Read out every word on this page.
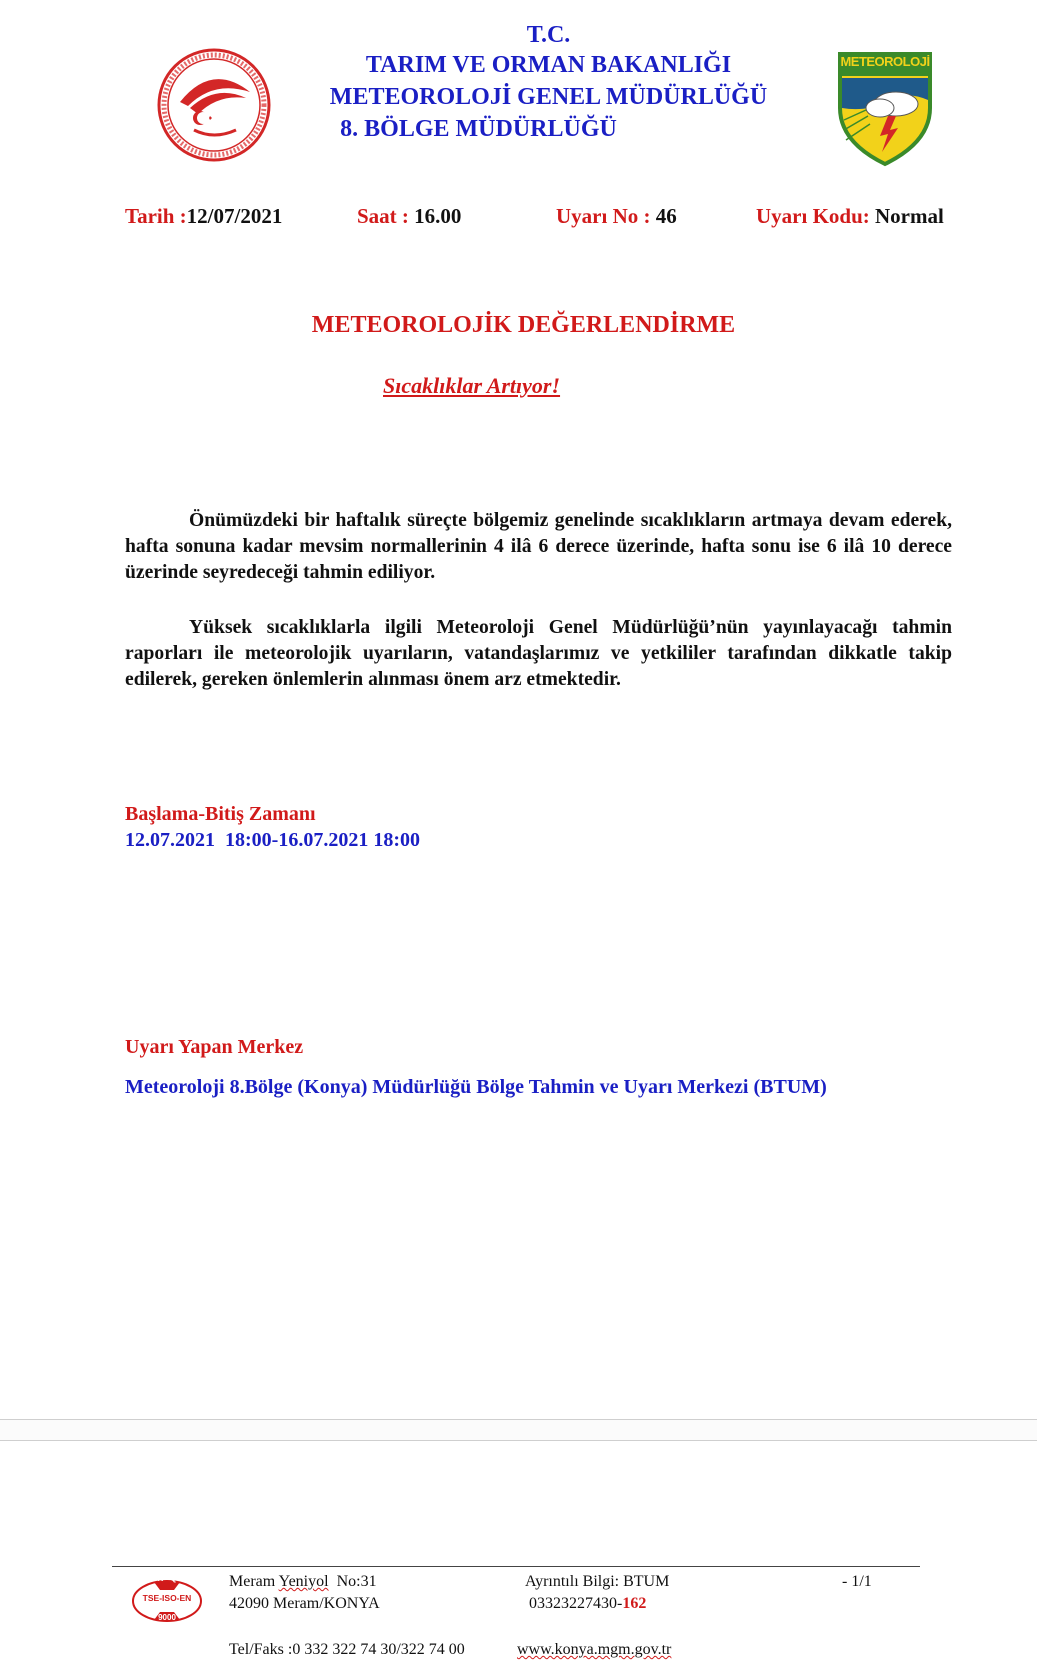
T.C.
TARIM VE ORMAN BAKANLIĞI
METEOROLOJİ GENEL MÜDÜRLÜĞÜ
8. BÖLGE MÜDÜRLÜĞÜ
METEOROLOJİ
Tarih :12/07/2021	Saat : 16.00	Uyarı No : 46	Uyarı Kodu: Normal
METEOROLOJİK DEĞERLENDİRME
Sıcaklıklar Artıyor!
Önümüzdeki bir haftalık süreçte bölgemiz genelinde sıcaklıkların artmaya devam ederek, hafta sonuna kadar mevsim normallerinin 4 ilâ 6 derece üzerinde, hafta sonu ise 6 ilâ 10 derece üzerinde seyredeceği tahmin ediliyor.
Yüksek sıcaklıklarla ilgili Meteoroloji Genel Müdürlüğü’nün yayınlayacağı tahmin raporları ile meteorolojik uyarıların, vatandaşlarımız ve yetkililer tarafından dikkatle takip edilerek, gereken önlemlerin alınması önem arz etmektedir.
Başlama-Bitiş Zamanı
12.07.2021  18:00-16.07.2021 18:00
Uyarı Yapan Merkez
Meteoroloji 8.Bölge (Konya) Müdürlüğü Bölge Tahmin ve Uyarı Merkezi (BTUM)
K - Q
TSE-ISO-EN
9000
Meram Yeniyol  No:31
42090 Meram/KONYA
Ayrıntılı Bilgi: BTUM
03323227430-162
- 1/1
Tel/Faks :0 332 322 74 30/322 74 00	www.konya.mgm.gov.tr
